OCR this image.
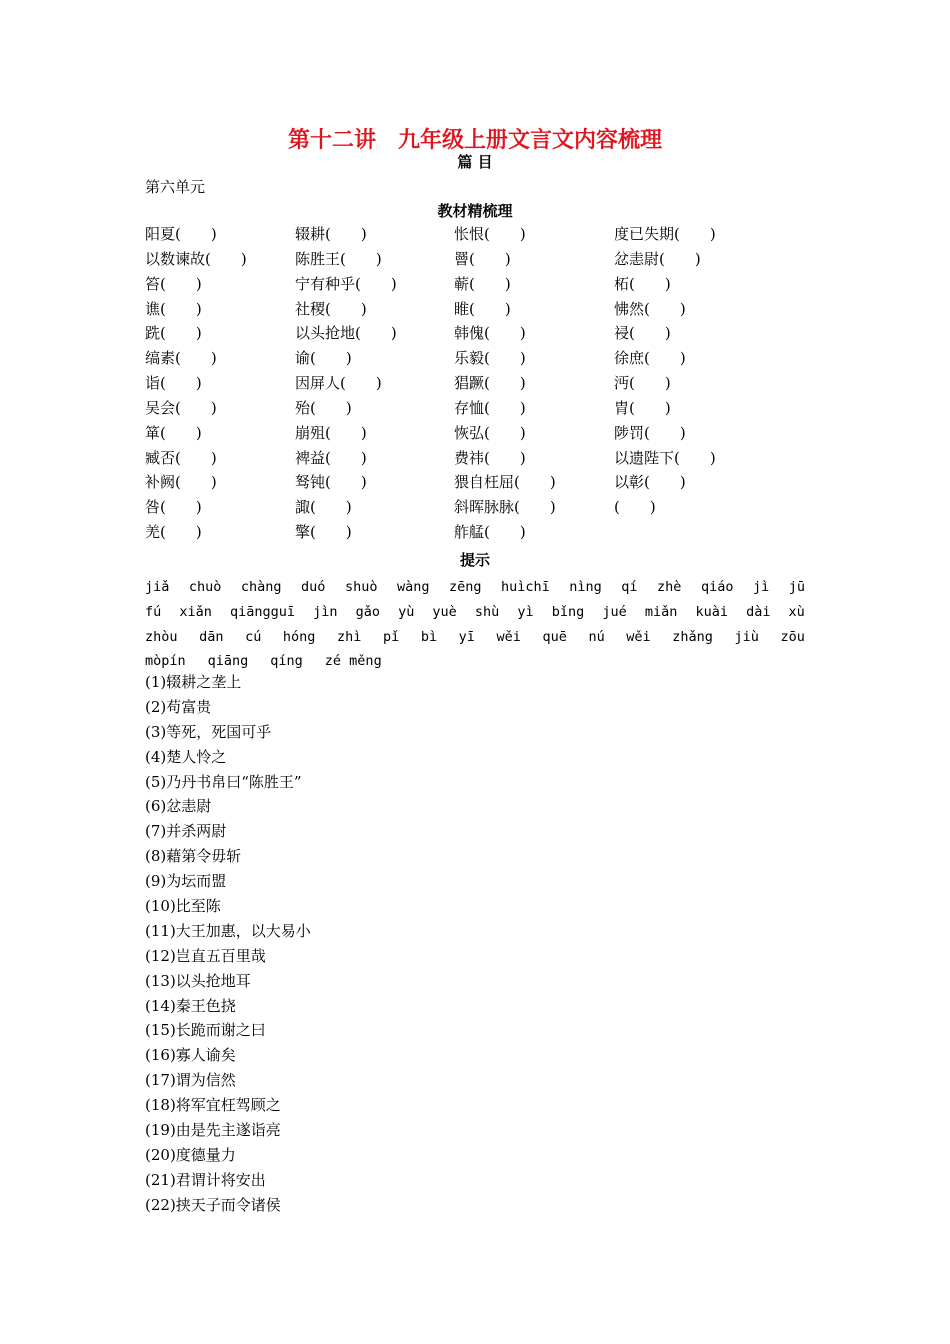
第十二讲　九年级上册文言文内容梳理
篇 目
第六单元
教材精梳理
阳夏(　　)	辍耕(　　)	怅恨(　　)	度已失期(　　)
以数谏故(　　)	陈胜王(　　)	罾(　　)	忿恚尉(　　)
笞(　　)	宁有种乎(　　)	蕲(　　)	柘(　　)
谯(　　)	社稷(　　)	睢(　　)	怫然(　　)
跣(　　)	以头抢地(　　)	韩傀(　　)	祲(　　)
缟素(　　)	谕(　　)	乐毅(　　)	徐庶(　　)
诣(　　)	因屏人(　　)	猖蹶(　　)	沔(　　)
吴会(　　)	殆(　　)	存恤(　　)	胄(　　)
箪(　　)	崩殂(　　)	恢弘(　　)	陟罚(　　)
臧否(　　)	裨益(　　)	费祎(　　)	以遗陛下(　　)
补阙(　　)	驽钝(　　)	猥自枉屈(　　)	以彰(　　)
咎(　　)	諏(　　)	斜晖脉脉(　　)	(　　)
羌(　　)	擎(　　)	舴艋(　　)
提示
jiǎ chuò chàng duó shuò wàng zēng huìchī nìng qí zhè qiáo jì jū
fú xiǎn qiāngguī jìn gǎo yù yuè shù yì bǐng jué miǎn kuài dài xù
zhòu dān cú hóng zhì pǐ bì yī wěi quē nú wěi zhǎng jiù zōu
mòpín qiāng qíng zé měng
(1)辍耕之垄上
(2)苟富贵
(3)等死，死国可乎
(4)楚人怜之
(5)乃丹书帛曰“陈胜王”
(6)忿恚尉
(7)并杀两尉
(8)藉第令毋斩
(9)为坛而盟
(10)比至陈
(11)大王加惠，以大易小
(12)岂直五百里哉
(13)以头抢地耳
(14)秦王色挠
(15)长跪而谢之曰
(16)寡人谕矣
(17)谓为信然
(18)将军宜枉驾顾之
(19)由是先主遂诣亮
(20)度德量力
(21)君谓计将安出
(22)挟天子而令诸侯
